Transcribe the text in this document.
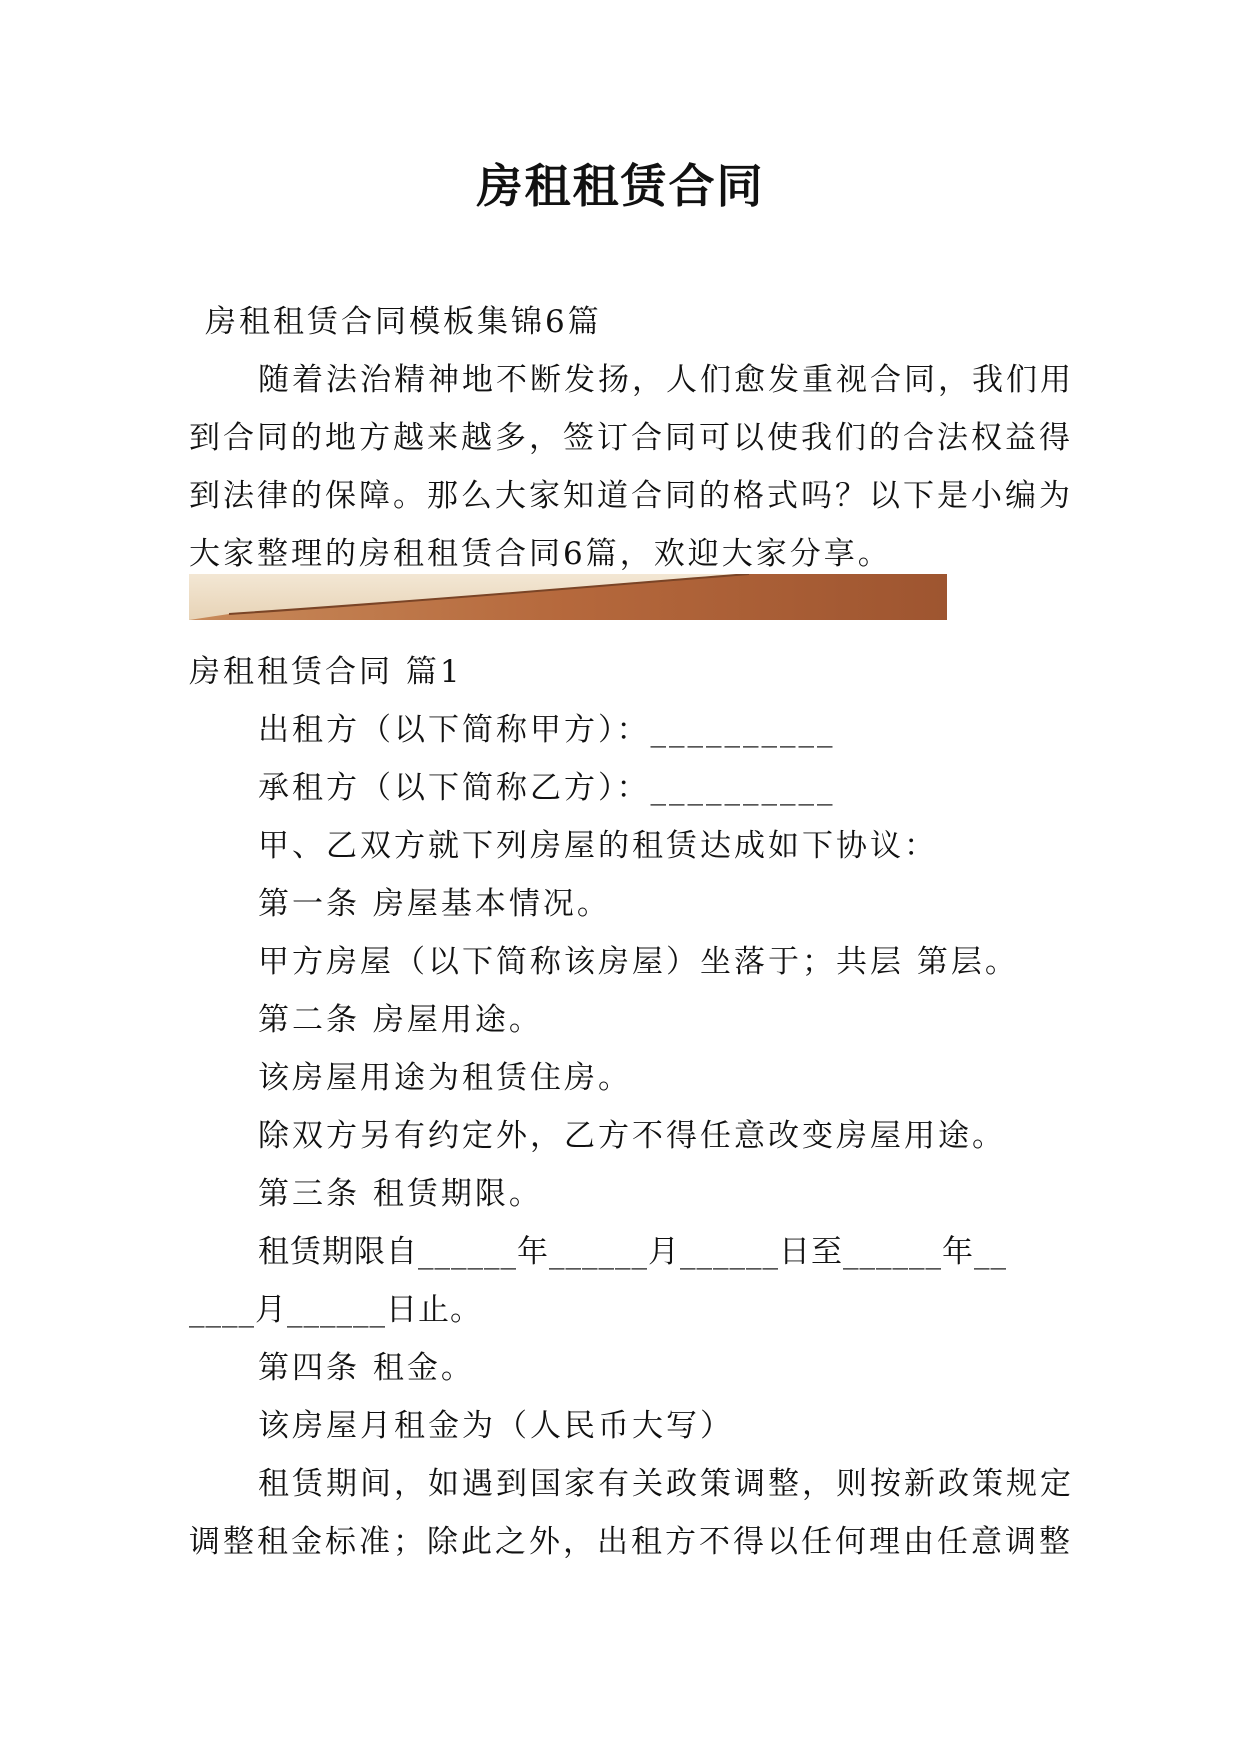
房租租赁合同

房租租赁合同模板集锦6篇

随着法治精神地不断发扬，人们愈发重视合同，我们用

到合同的地方越来越多，签订合同可以使我们的合法权益得

到法律的保障。那么大家知道合同的格式吗？以下是小编为

大家整理的房租租赁合同6篇，欢迎大家分享。

房租租赁合同 篇1

出租方（以下简称甲方）：__________

承租方（以下简称乙方）：__________

甲、乙双方就下列房屋的租赁达成如下协议：

第一条 房屋基本情况。

甲方房屋（以下简称该房屋）坐落于；共层 第层。

第二条 房屋用途。

该房屋用途为租赁住房。

除双方另有约定外，乙方不得任意改变房屋用途。

第三条 租赁期限。

租赁期限自______年______月______日至______年__

____月______日止。

第四条 租金。

该房屋月租金为（人民币大写）

租赁期间，如遇到国家有关政策调整，则按新政策规定

调整租金标准；除此之外，出租方不得以任何理由任意调整
